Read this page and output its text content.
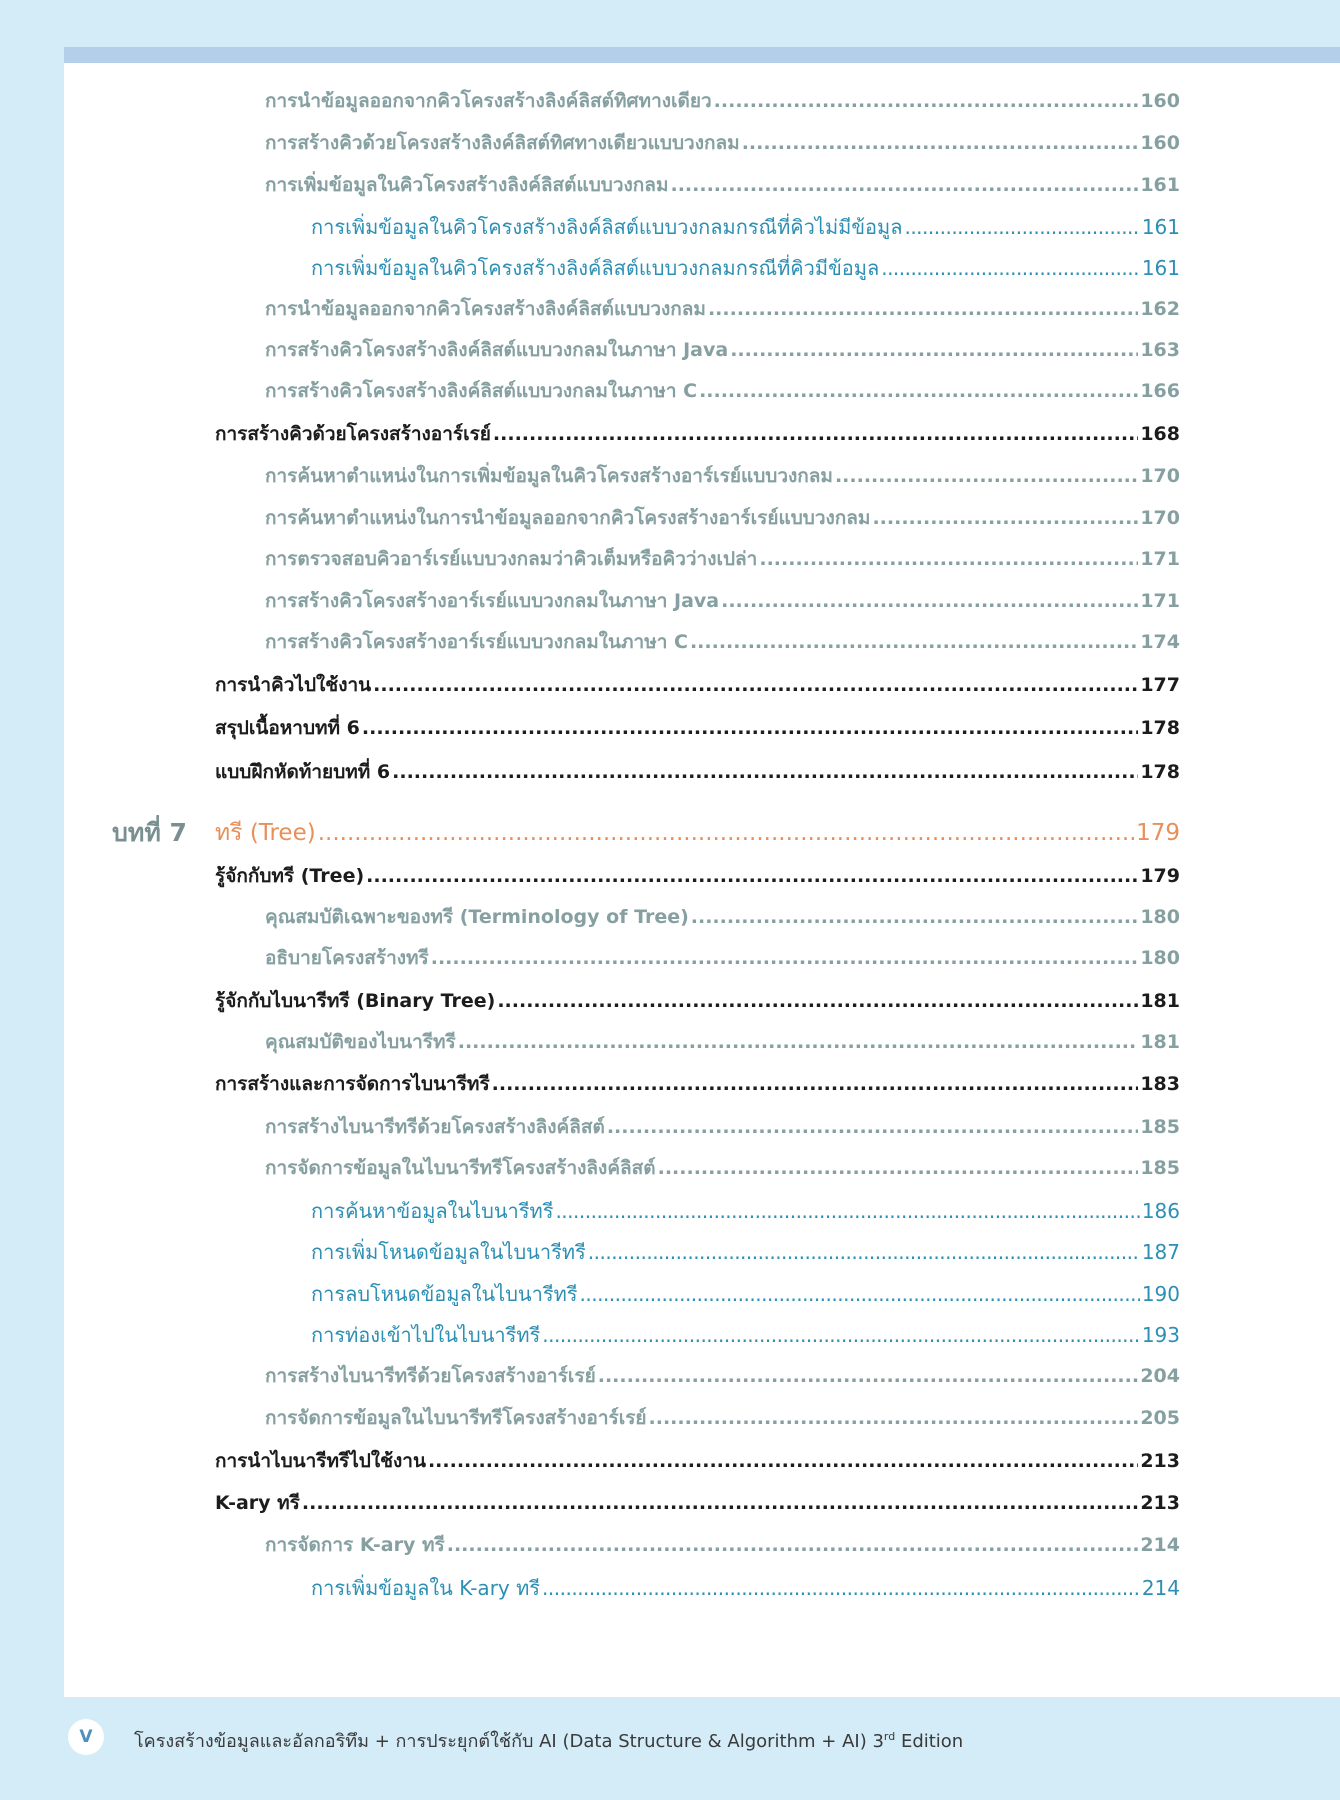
การนำข้อมูลออกจากคิวโครงสร้างลิงค์ลิสต์ทิศทางเดียว .....	160
การสร้างคิวด้วยโครงสร้างลิงค์ลิสต์ทิศทางเดียวแบบวงกลม .....	160
การเพิ่มข้อมูลในคิวโครงสร้างลิงค์ลิสต์แบบวงกลม .....	161
การเพิ่มข้อมูลในคิวโครงสร้างลิงค์ลิสต์แบบวงกลมกรณีที่คิวไม่มีข้อมูล .....	161
การเพิ่มข้อมูลในคิวโครงสร้างลิงค์ลิสต์แบบวงกลมกรณีที่คิวมีข้อมูล .....	161
การนำข้อมูลออกจากคิวโครงสร้างลิงค์ลิสต์แบบวงกลม .....	162
การสร้างคิวโครงสร้างลิงค์ลิสต์แบบวงกลมในภาษา Java .....	163
การสร้างคิวโครงสร้างลิงค์ลิสต์แบบวงกลมในภาษา C .....	166
การสร้างคิวด้วยโครงสร้างอาร์เรย์ .....	168
การค้นหาตำแหน่งในการเพิ่มข้อมูลในคิวโครงสร้างอาร์เรย์แบบวงกลม .....	170
การค้นหาตำแหน่งในการนำข้อมูลออกจากคิวโครงสร้างอาร์เรย์แบบวงกลม .....	170
การตรวจสอบคิวอาร์เรย์แบบวงกลมว่าคิวเต็มหรือคิวว่างเปล่า .....	171
การสร้างคิวโครงสร้างอาร์เรย์แบบวงกลมในภาษา Java .....	171
การสร้างคิวโครงสร้างอาร์เรย์แบบวงกลมในภาษา C .....	174
การนำคิวไปใช้งาน .....	177
สรุปเนื้อหาบทที่ 6 .....	178
แบบฝึกหัดท้ายบทที่ 6 .....	178
บทที่ 7	ทรี (Tree) .....	179
รู้จักกับทรี (Tree) .....	179
คุณสมบัติเฉพาะของทรี (Terminology of Tree) .....	180
อธิบายโครงสร้างทรี .....	180
รู้จักกับไบนารีทรี (Binary Tree) .....	181
คุณสมบัติของไบนารีทรี .....	181
การสร้างและการจัดการไบนารีทรี .....	183
การสร้างไบนารีทรีด้วยโครงสร้างลิงค์ลิสต์ .....	185
การจัดการข้อมูลในไบนารีทรีโครงสร้างลิงค์ลิสต์ .....	185
การค้นหาข้อมูลในไบนารีทรี .....	186
การเพิ่มโหนดข้อมูลในไบนารีทรี .....	187
การลบโหนดข้อมูลในไบนารีทรี .....	190
การท่องเข้าไปในไบนารีทรี .....	193
การสร้างไบนารีทรีด้วยโครงสร้างอาร์เรย์ .....	204
การจัดการข้อมูลในไบนารีทรีโครงสร้างอาร์เรย์ .....	205
การนำไบนารีทรีไปใช้งาน .....	213
K-ary ทรี .....	213
การจัดการ K-ary ทรี .....	214
การเพิ่มข้อมูลใน K-ary ทรี .....	214
V	โครงสร้างข้อมูลและอัลกอริทึม + การประยุกต์ใช้กับ AI (Data Structure & Algorithm + AI) 3rd Edition
